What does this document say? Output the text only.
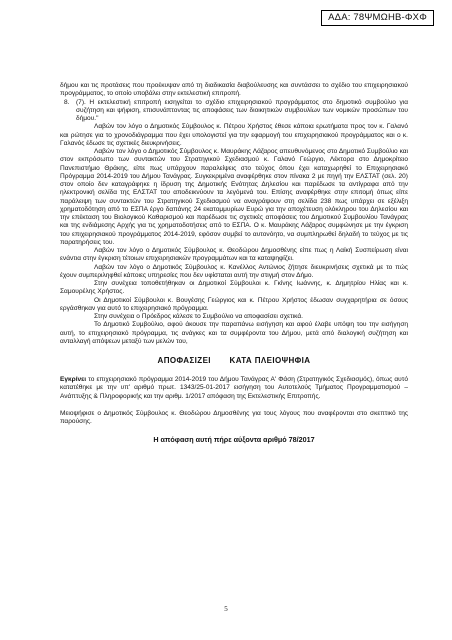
ΑΔΑ: 78ΨΜΩΗΒ-ΦΧΦ

δήμου και τις προτάσεις που προέκυψαν από τη διαδικασία διαβούλευσης και συντάσσει το σχέδιο του επιχειρησιακού προγράμματος, το οποίο υποβάλει στην εκτελεστική επιτροπή.

8. (7). Η εκτελεστική επιτροπή εισηγείται το σχέδιο επιχειρησιακού προγράμματος στο δημοτικό συμβούλιο για συζήτηση και ψήφιση, επισυνάπτοντας τις αποφάσεις των διοικητικών συμβουλίων των νομικών προσώπων του δήμου."

Λαβών τον λόγο ο Δημοτικός Σύμβουλος κ. Πέτρου Χρήστος έθεσε κάποια ερωτήματα προς τον κ. Γαλανό και ρώτησε για το χρονοδιάγραμμα που έχει υπολογιστεί για την εφαρμογή του επιχειρησιακού προγράμματος και ο κ. Γαλανός έδωσε τις σχετικές διευκρινήσεις.

Λαβών τον λόγο ο Δημοτικός Σύμβουλος κ. Μαυράκης Λάζαρος απευθυνόμενος στο Δημοτικό Συμβούλιο και στον εκπρόσωπο των συντακτών του Στρατηγικού Σχεδιασμού κ. Γαλανό Γεώργιο, Λέκτορα στο Δημοκρίτειο Πανεπιστήμιο Θράκης, είπε πως υπάρχουν παραλείψεις στο τεύχος όπου έχει καταχωρηθεί το Επιχειρησιακό Πρόγραμμα 2014-2019 του Δήμου Τανάγρας. Συγκεκριμένα αναφέρθηκε στον πίνακα 2 με πηγή την ΕΛΣΤΑΤ (σελ. 20) στον οποίο δεν καταγράφηκε η ίδρυση της Δημοτικής Ενότητας Δηλεσίου και παρέδωσε τα αντίγραφα από την ηλεκτρονική σελίδα της ΕΛΣΤΑΤ του αποδεικνύουν τα λεγόμενά του. Επίσης αναφέρθηκε στην επιτομή όπως είπε παράλειψη των συντακτών του Στρατηγικού Σχεδιασμού να αναγράψουν στη σελίδα 238 πως υπάρχει σε εξέλιξη χρηματοδότηση από το ΕΣΠΑ έργο δαπάνης 24 εκατομμυρίων Ευρώ για την αποχέτευση ολόκληρου του Δηλεσίου και την επέκταση του Βιολογικού Καθαρισμού και παρέδωσε τις σχετικές αποφάσεις του Δημοτικού Συμβουλίου Τανάγρας και της ενδιάμεσης Αρχής για τις χρηματοδοτήσεις από το ΕΣΠΑ. Ο κ. Μαυράκης Λάζαρος συμφώνησε με την έγκριση του επιχειρησιακού προγράμματος 2014-2019, εφόσον συμβεί το αυτονόητο, να συμπληρωθεί δηλαδή το τεύχος με τις παρατηρήσεις του.

Λαβών τον λόγο ο Δημοτικός Σύμβουλος κ. Θεοδώρου Δημοσθένης είπε πως η Λαϊκή Συσπείρωση είναι ενάντια στην έγκριση τέτοιων επιχειρησιακών προγραμμάτων και τα καταψηφίζει.

Λαβών τον λόγο ο Δημοτικός Σύμβουλος κ. Κανέλλος Αντώνιος ζήτησε διευκρινήσεις σχετικά με το πώς έχουν συμπεριληφθεί κάποιες υπηρεσίες που δεν υφίσταται αυτή την στιγμή στον Δήμο.

Στην συνέχεια τοποθετήθηκαν οι Δημοτικοί Σύμβουλοι κ. Γκίνης Ιωάννης, κ. Δημητρίου Ηλίας και κ. Σαμουρέλης Χρήστος.

Οι Δημοτικοί Σύμβουλοι κ. Βουγέσης Γεώργιος και κ. Πέτρου Χρήστος έδωσαν συγχαρητήρια σε όσους εργάσθηκαν για αυτό το επιχειρησιακό πρόγραμμα.

Στην συνέχεια ο Πρόεδρος κάλεσε το Συμβούλιο να αποφασίσει σχετικά.

Το Δημοτικό Συμβούλιο, αφού άκουσε την παραπάνω εισήγηση και αφού έλαβε υπόψη του την εισήγηση αυτή, το επιχειρησιακό πρόγραμμα, τις ανάγκες και τα συμφέροντα του Δήμου, μετά από διαλογική συζήτηση και ανταλλαγή απόψεων μεταξύ των μελών του,

ΑΠΟΦΑΣΙΖΕΙ ΚΑΤΑ ΠΛΕΙΟΨΗΦΙΑ

Εγκρίνει το επιχειρησιακό πρόγραμμα 2014-2019 του Δήμου Τανάγρας Α' Φάση (Στρατηγικός Σχεδιασμός), όπως αυτό κατατέθηκε με την υπ' αριθμό πρωτ. 1343/25-01-2017 εισήγηση του Αυτοτελούς Τμήματος Προγραμματισμού – Ανάπτυξης & Πληροφορικής και την αριθμ. 1/2017 απόφαση της Εκτελεστικής Επιτροπής.

Μειοψήφισε ο Δημοτικός Σύμβουλος κ. Θεοδώρου Δημοσθένης για τους λόγους που αναφέρονται στο σκεπτικό της παρούσης.

Η απόφαση αυτή πήρε αύξοντα αριθμό 78/2017

5
